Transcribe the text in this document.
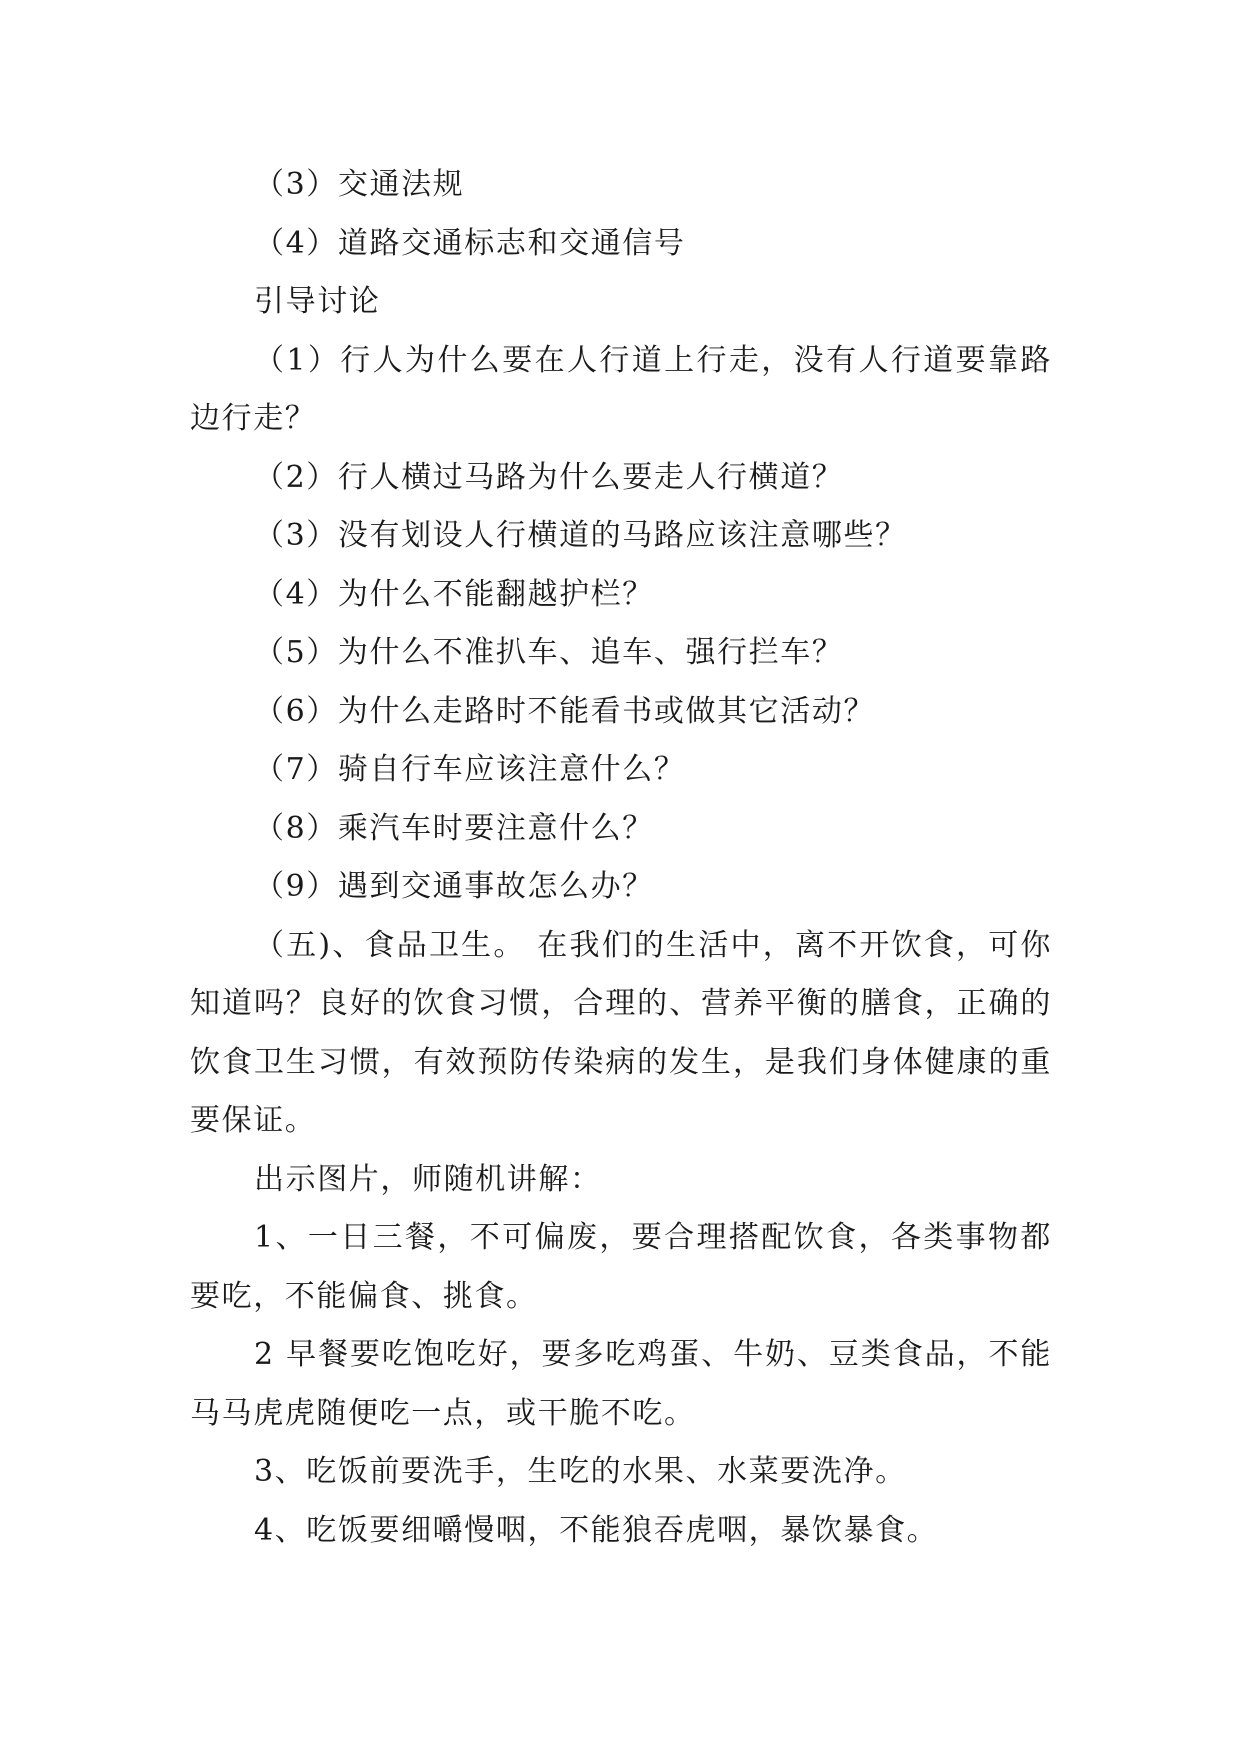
（3）交通法规

（4）道路交通标志和交通信号

引导讨论

（1）行人为什么要在人行道上行走，没有人行道要靠路边行走？

（2）行人横过马路为什么要走人行横道？

（3）没有划设人行横道的马路应该注意哪些？

（4）为什么不能翻越护栏？

（5）为什么不准扒车、追车、强行拦车？

（6）为什么走路时不能看书或做其它活动？

（7）骑自行车应该注意什么？

（8）乘汽车时要注意什么？

（9）遇到交通事故怎么办？

（五)、食品卫生。 在我们的生活中，离不开饮食，可你知道吗？良好的饮食习惯，合理的、营养平衡的膳食，正确的饮食卫生习惯，有效预防传染病的发生，是我们身体健康的重要保证。

出示图片，师随机讲解：

1、一日三餐，不可偏废，要合理搭配饮食，各类事物都要吃，不能偏食、挑食。

2 早餐要吃饱吃好，要多吃鸡蛋、牛奶、豆类食品，不能马马虎虎随便吃一点，或干脆不吃。

3、吃饭前要洗手，生吃的水果、水菜要洗净。

4、吃饭要细嚼慢咽，不能狼吞虎咽，暴饮暴食。
